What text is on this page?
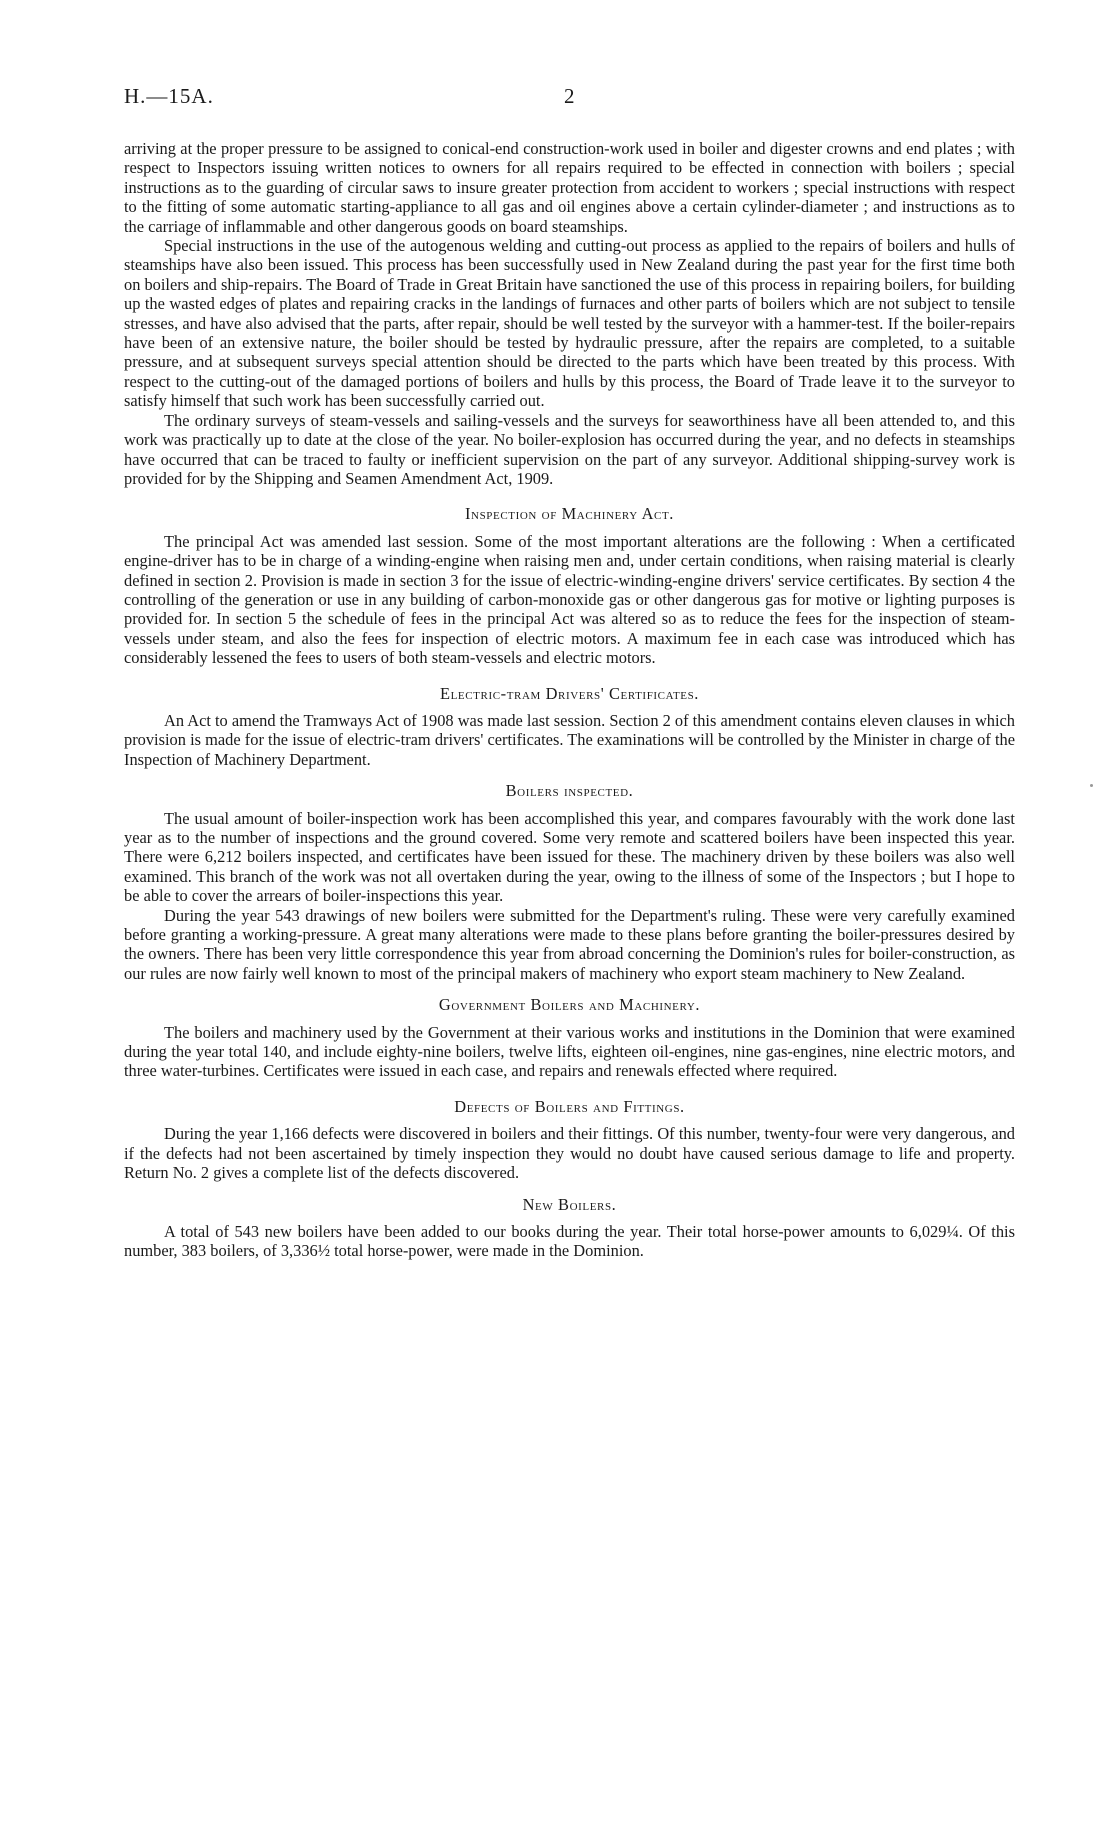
H.—15A.	2

arriving at the proper pressure to be assigned to conical-end construction-work used in boiler and digester crowns and end plates ; with respect to Inspectors issuing written notices to owners for all repairs required to be effected in connection with boilers ; special instructions as to the guarding of circular saws to insure greater protection from accident to workers ; special instructions with respect to the fitting of some automatic starting-appliance to all gas and oil engines above a certain cylinder-diameter ; and instructions as to the carriage of inflammable and other dangerous goods on board steamships.

Special instructions in the use of the autogenous welding and cutting-out process as applied to the repairs of boilers and hulls of steamships have also been issued. This process has been successfully used in New Zealand during the past year for the first time both on boilers and ship-repairs. The Board of Trade in Great Britain have sanctioned the use of this process in repairing boilers, for building up the wasted edges of plates and repairing cracks in the landings of furnaces and other parts of boilers which are not subject to tensile stresses, and have also advised that the parts, after repair, should be well tested by the surveyor with a hammer-test. If the boiler-repairs have been of an extensive nature, the boiler should be tested by hydraulic pressure, after the repairs are completed, to a suitable pressure, and at subsequent surveys special attention should be directed to the parts which have been treated by this process. With respect to the cutting-out of the damaged portions of boilers and hulls by this process, the Board of Trade leave it to the surveyor to satisfy himself that such work has been successfully carried out.

The ordinary surveys of steam-vessels and sailing-vessels and the surveys for seaworthiness have all been attended to, and this work was practically up to date at the close of the year. No boiler-explosion has occurred during the year, and no defects in steamships have occurred that can be traced to faulty or inefficient supervision on the part of any surveyor. Additional shipping-survey work is provided for by the Shipping and Seamen Amendment Act, 1909.

Inspection of Machinery Act.

The principal Act was amended last session. Some of the most important alterations are the following : When a certificated engine-driver has to be in charge of a winding-engine when raising men and, under certain conditions, when raising material is clearly defined in section 2. Provision is made in section 3 for the issue of electric-winding-engine drivers' service certificates. By section 4 the controlling of the generation or use in any building of carbon-monoxide gas or other dangerous gas for motive or lighting purposes is provided for. In section 5 the schedule of fees in the principal Act was altered so as to reduce the fees for the inspection of steam-vessels under steam, and also the fees for inspection of electric motors. A maximum fee in each case was introduced which has considerably lessened the fees to users of both steam-vessels and electric motors.

Electric-tram Drivers' Certificates.

An Act to amend the Tramways Act of 1908 was made last session. Section 2 of this amendment contains eleven clauses in which provision is made for the issue of electric-tram drivers' certificates. The examinations will be controlled by the Minister in charge of the Inspection of Machinery Department.

Boilers inspected.

The usual amount of boiler-inspection work has been accomplished this year, and compares favourably with the work done last year as to the number of inspections and the ground covered. Some very remote and scattered boilers have been inspected this year. There were 6,212 boilers inspected, and certificates have been issued for these. The machinery driven by these boilers was also well examined. This branch of the work was not all overtaken during the year, owing to the illness of some of the Inspectors ; but I hope to be able to cover the arrears of boiler-inspections this year.

During the year 543 drawings of new boilers were submitted for the Department's ruling. These were very carefully examined before granting a working-pressure. A great many alterations were made to these plans before granting the boiler-pressures desired by the owners. There has been very little correspondence this year from abroad concerning the Dominion's rules for boiler-construction, as our rules are now fairly well known to most of the principal makers of machinery who export steam machinery to New Zealand.

Government Boilers and Machinery.

The boilers and machinery used by the Government at their various works and institutions in the Dominion that were examined during the year total 140, and include eighty-nine boilers, twelve lifts, eighteen oil-engines, nine gas-engines, nine electric motors, and three water-turbines. Certificates were issued in each case, and repairs and renewals effected where required.

Defects of Boilers and Fittings.

During the year 1,166 defects were discovered in boilers and their fittings. Of this number, twenty-four were very dangerous, and if the defects had not been ascertained by timely inspection they would no doubt have caused serious damage to life and property. Return No. 2 gives a complete list of the defects discovered.

New Boilers.

A total of 543 new boilers have been added to our books during the year. Their total horse-power amounts to 6,029¼. Of this number, 383 boilers, of 3,336½ total horse-power, were made in the Dominion.
